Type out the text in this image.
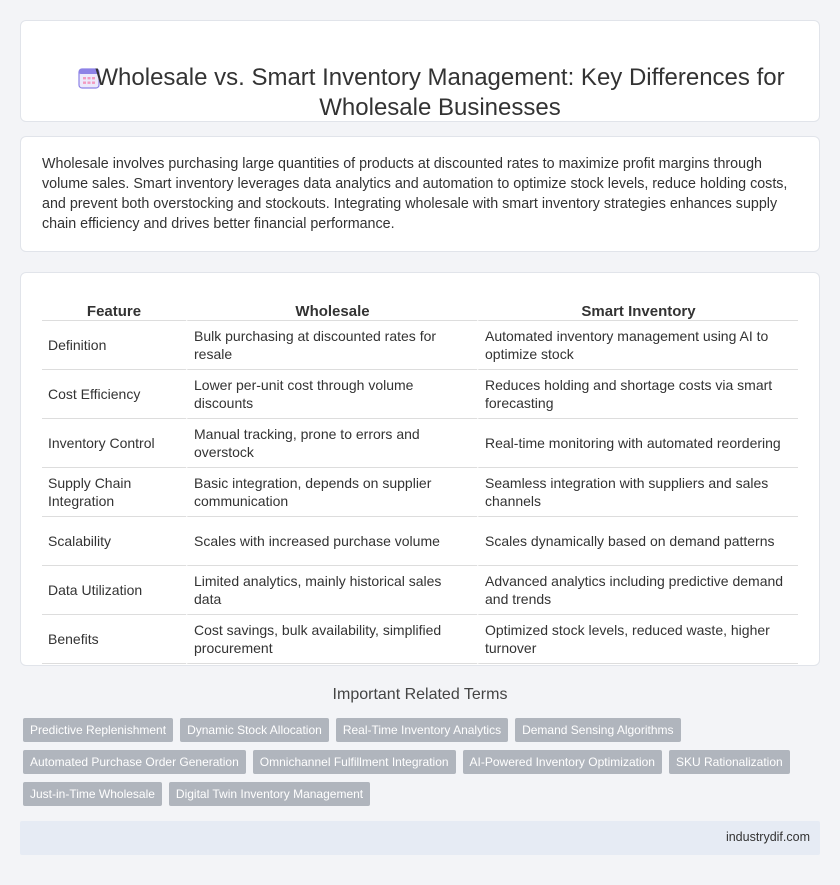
Wholesale vs. Smart Inventory Management: Key Differences for Wholesale Businesses

Wholesale involves purchasing large quantities of products at discounted rates to maximize profit margins through volume sales. Smart inventory leverages data analytics and automation to optimize stock levels, reduce holding costs, and prevent both overstocking and stockouts. Integrating wholesale with smart inventory strategies enhances supply chain efficiency and drives better financial performance.

Feature	Wholesale	Smart Inventory
Definition	Bulk purchasing at discounted rates for resale	Automated inventory management using AI to optimize stock
Cost Efficiency	Lower per-unit cost through volume discounts	Reduces holding and shortage costs via smart forecasting
Inventory Control	Manual tracking, prone to errors and overstock	Real-time monitoring with automated reordering
Supply Chain Integration	Basic integration, depends on supplier communication	Seamless integration with suppliers and sales channels
Scalability	Scales with increased purchase volume	Scales dynamically based on demand patterns
Data Utilization	Limited analytics, mainly historical sales data	Advanced analytics including predictive demand and trends
Benefits	Cost savings, bulk availability, simplified procurement	Optimized stock levels, reduced waste, higher turnover
Important Related Terms
Predictive Replenishment	Dynamic Stock Allocation	Real-Time Inventory Analytics	Demand Sensing Algorithms
Automated Purchase Order Generation	Omnichannel Fulfillment Integration	AI-Powered Inventory Optimization	SKU Rationalization
Just-in-Time Wholesale	Digital Twin Inventory Management
industrydif.com
